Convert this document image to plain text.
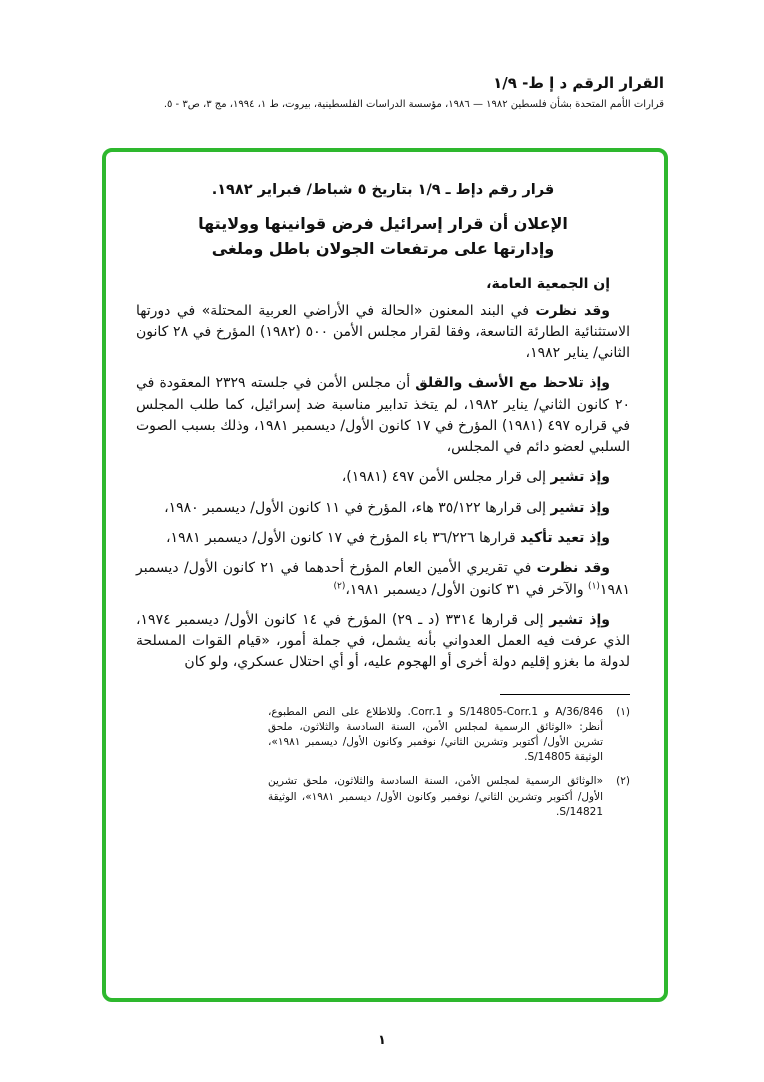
القرار الرقم د إ ط- ١/٩
قرارات الأمم المتحدة بشأن فلسطين ١٩٨٢ — ١٩٨٦، مؤسسة الدراسات الفلسطينية، بيروت، ط ١، ١٩٩٤، مج ٣، ص٣ - ٥.

قرار رقم دإط ـ ١/٩ بتاريخ ٥ شباط/ فبراير ١٩٨٢.

الإعلان أن قرار إسرائيل فرض قوانينها وولايتها
وإدارتها على مرتفعات الجولان باطل وملغى

إن الجمعية العامة،

وقد نظرت في البند المعنون «الحالة في الأراضي العربية المحتلة» في دورتها الاستثنائية الطارئة التاسعة، وفقا لقرار مجلس الأمن ٥٠٠ (١٩٨٢) المؤرخ في ٢٨ كانون الثاني/ يناير ١٩٨٢،

وإذ تلاحظ مع الأسف والقلق أن مجلس الأمن في جلسته ٢٣٢٩ المعقودة في ٢٠ كانون الثاني/ يناير ١٩٨٢، لم يتخذ تدابير مناسبة ضد إسرائيل، كما طلب المجلس في قراره ٤٩٧ (١٩٨١) المؤرخ في ١٧ كانون الأول/ ديسمبر ١٩٨١، وذلك بسبب الصوت السلبي لعضو دائم في المجلس،

وإذ تشير إلى قرار مجلس الأمن ٤٩٧ (١٩٨١)،

وإذ تشير إلى قرارها ٣٥/١٢٢ هاء، المؤرخ في ١١ كانون الأول/ ديسمبر ١٩٨٠،

وإذ تعيد تأكيد قرارها ٣٦/٢٢٦ باء المؤرخ في ١٧ كانون الأول/ ديسمبر ١٩٨١،

وقد نظرت في تقريري الأمين العام المؤرخ أحدهما في ٢١ كانون الأول/ ديسمبر ١٩٨١$^{(١)}$ والآخر في ٣١ كانون الأول/ ديسمبر ١٩٨١،$^{(٢)}$

وإذ تشير إلى قرارها ٣٣١٤ (د ـ ٢٩) المؤرخ في ١٤ كانون الأول/ ديسمبر ١٩٧٤، الذي عرفت فيه العمل العدواني بأنه يشمل، في جملة أمور، «قيام القوات المسلحة لدولة ما بغزو إقليم دولة أخرى أو الهجوم عليه، أو أي احتلال عسكري، ولو كان

(١)
A/36/846 و S/14805-Corr.1 و Corr.1. وللاطلاع على النص المطبوع، أنظر: «الوثائق الرسمية لمجلس الأمن، السنة السادسة والثلاثون، ملحق تشرين الأول/ أكتوبر وتشرين الثاني/ نوفمبر وكانون الأول/ ديسمبر ١٩٨١»، الوثيقة S/14805.
(٢)
«الوثائق الرسمية لمجلس الأمن، السنة السادسة والثلاثون، ملحق تشرين الأول/ أكتوبر وتشرين الثاني/ نوفمبر وكانون الأول/ ديسمبر ١٩٨١»، الوثيقة S/14821.
١
